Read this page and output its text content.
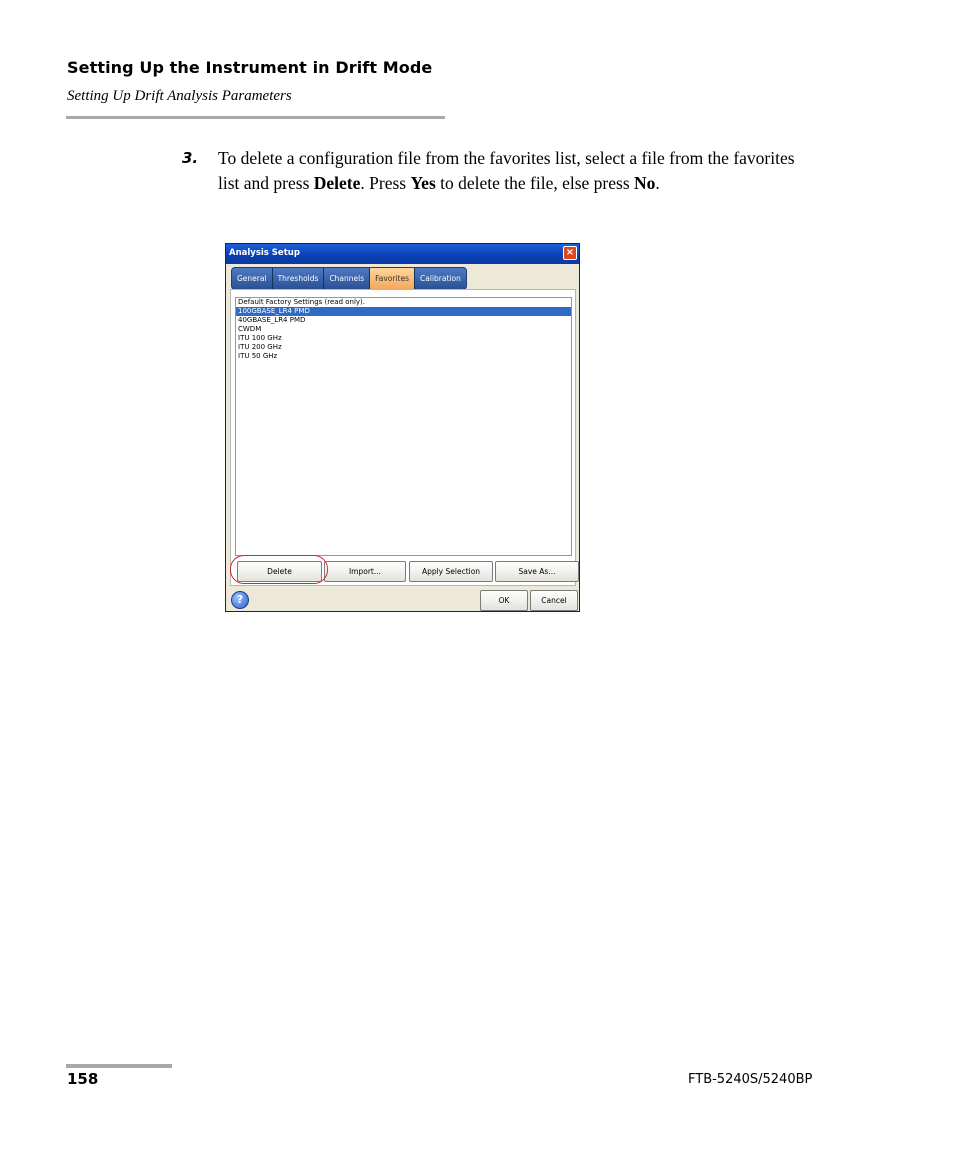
Setting Up the Instrument in Drift Mode
Setting Up Drift Analysis Parameters
3. To delete a configuration file from the favorites list, select a file from the favorites list and press Delete. Press Yes to delete the file, else press No.
Analysis Setup	×
General	Thresholds	Channels	Favorites	Calibration
Default Factory Settings (read only).
100GBASE_LR4 PMD
40GBASE_LR4 PMD
CWDM
ITU 100 GHz
ITU 200 GHz
ITU 50 GHz
Delete	Import...	Apply Selection	Save As...
?	OK	Cancel
158	FTB-5240S/5240BP
